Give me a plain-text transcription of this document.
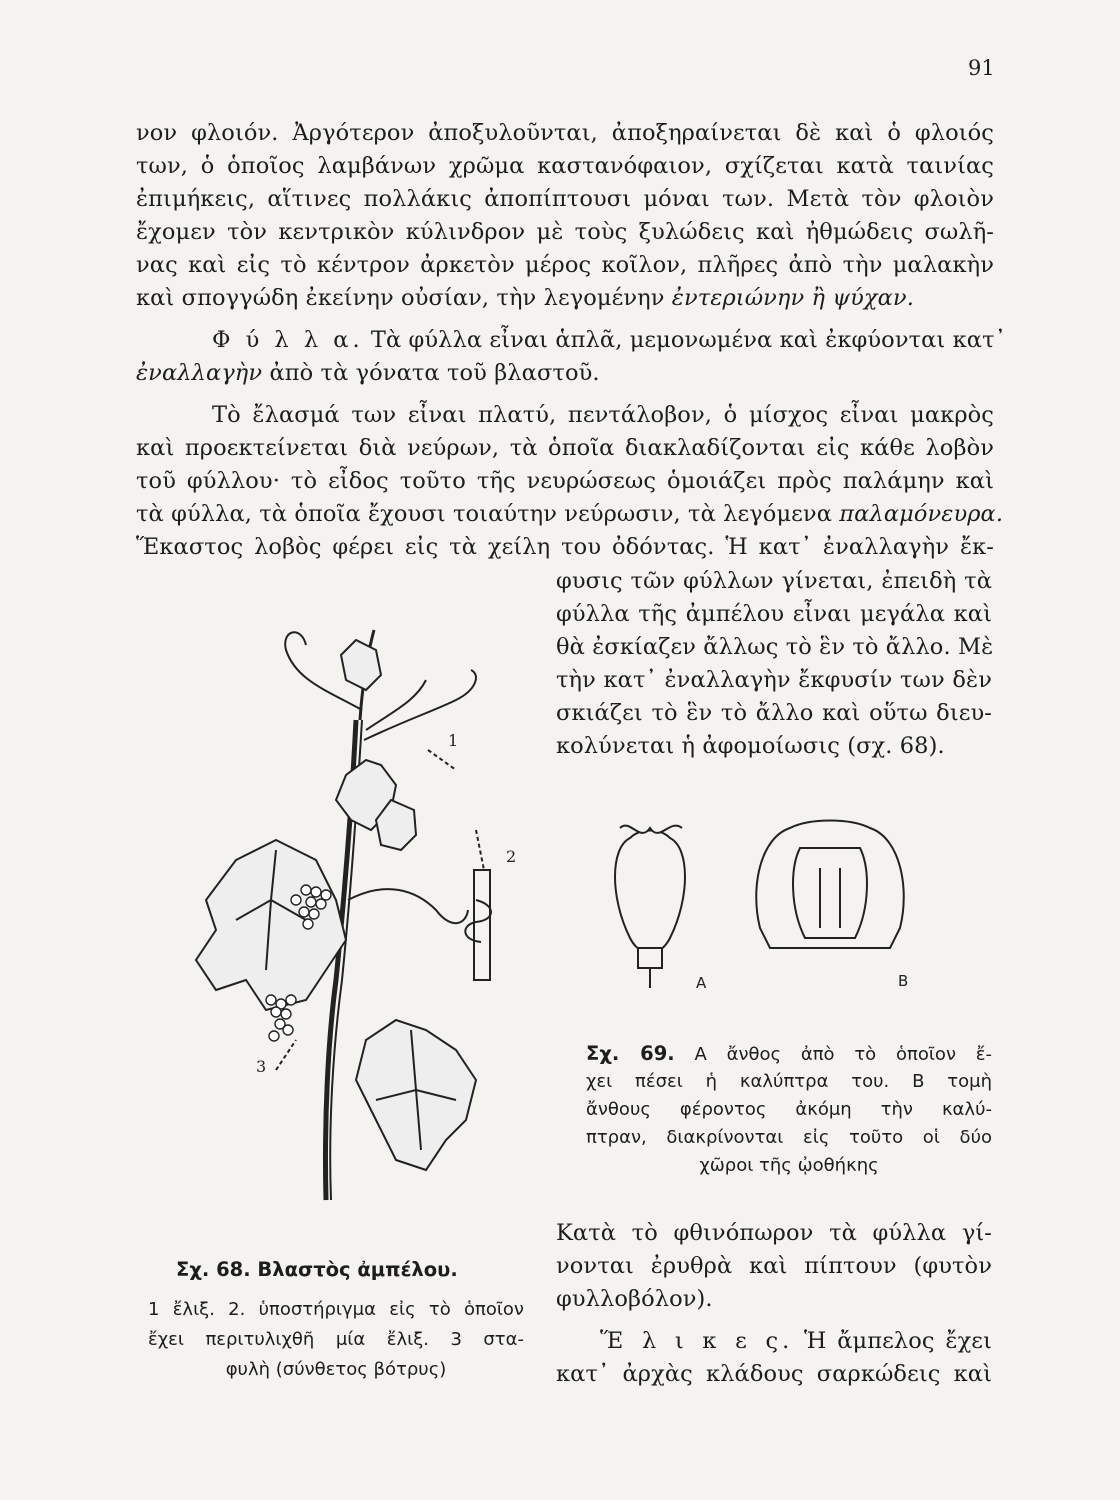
91
νον φλοιόν. Ἀργότερον ἀποξυλοῦνται, ἀποξηραίνεται δὲ καὶ ὁ φλοιός
των, ὁ ὁποῖος λαμβάνων χρῶμα καστανόφαιον, σχίζεται κατὰ ταινίας
ἐπιμήκεις, αἵτινες πολλάκις ἀποπίπτουσι μόναι των. Μετὰ τὸν φλοιὸν
ἔχομεν τὸν κεντρικὸν κύλινδρον μὲ τοὺς ξυλώδεις καὶ ἠθμώδεις σωλῆ-
νας καὶ εἰς τὸ κέντρον ἀρκετὸν μέρος κοῖλον, πλῆρες ἀπὸ τὴν μαλακὴν
καὶ σπογγώδη ἐκείνην οὐσίαν, τὴν λεγομένην ἐντεριώνην ἢ ψύχαν.
Φ ύ λ λ α. Τὰ φύλλα εἶναι ἁπλᾶ, μεμονωμένα καὶ ἐκφύονται κατ᾽
ἐναλλαγὴν ἀπὸ τὰ γόνατα τοῦ βλαστοῦ.
Τὸ ἔλασμά των εἶναι πλατύ, πεντάλοβον, ὁ μίσχος εἶναι μακρὸς
καὶ προεκτείνεται διὰ νεύρων, τὰ ὁποῖα διακλαδίζονται εἰς κάθε λοβὸν
τοῦ φύλλου· τὸ εἶδος τοῦτο τῆς νευρώσεως ὁμοιάζει πρὸς παλάμην καὶ
τὰ φύλλα, τὰ ὁποῖα ἔχουσι τοιαύτην νεύρωσιν, τὰ λεγόμενα παλαμόνευρα.
Ἕκαστος λοβὸς φέρει εἰς τὰ χείλη του ὀδόντας. Ἡ κατ᾽ ἐναλλαγὴν ἔκ-
φυσις τῶν φύλλων γίνεται, ἐπειδὴ τὰ
φύλλα τῆς ἀμπέλου εἶναι μεγάλα καὶ
θὰ ἐσκίαζεν ἄλλως τὸ ἓν τὸ ἄλλο. Μὲ
τὴν κατ᾽ ἐναλλαγὴν ἔκφυσίν των δὲν
σκιάζει τὸ ἓν τὸ ἄλλο καὶ οὕτω διευ-
κολύνεται ἡ ἀφομοίωσις (σχ. 68).
1
2
3
A	B
Σχ. 69. Α ἄνθος ἀπὸ τὸ ὁποῖον ἔ-
χει πέσει ἡ καλύπτρα του. Β τομὴ
ἄνθους φέροντος ἀκόμη τὴν καλύ-
πτραν, διακρίνονται εἰς τοῦτο οἱ δύο
χῶροι τῆς ᾠοθήκης
Σχ. 68. Βλαστὸς ἀμπέλου.
1 ἔλιξ. 2. ὑποστήριγμα εἰς τὸ ὁποῖον
ἔχει περιτυλιχθῆ μία ἔλιξ. 3 στα-
φυλὴ (σύνθετος βότρυς)
Κατὰ τὸ φθινόπωρον τὰ φύλλα γί-
νονται ἐρυθρὰ καὶ πίπτουν (φυτὸν
φυλλοβόλον).
Ἕ λ ι κ ε ς. Ἡ ἄμπελος ἔχει
κατ᾽ ἀρχὰς κλάδους σαρκώδεις καὶ
